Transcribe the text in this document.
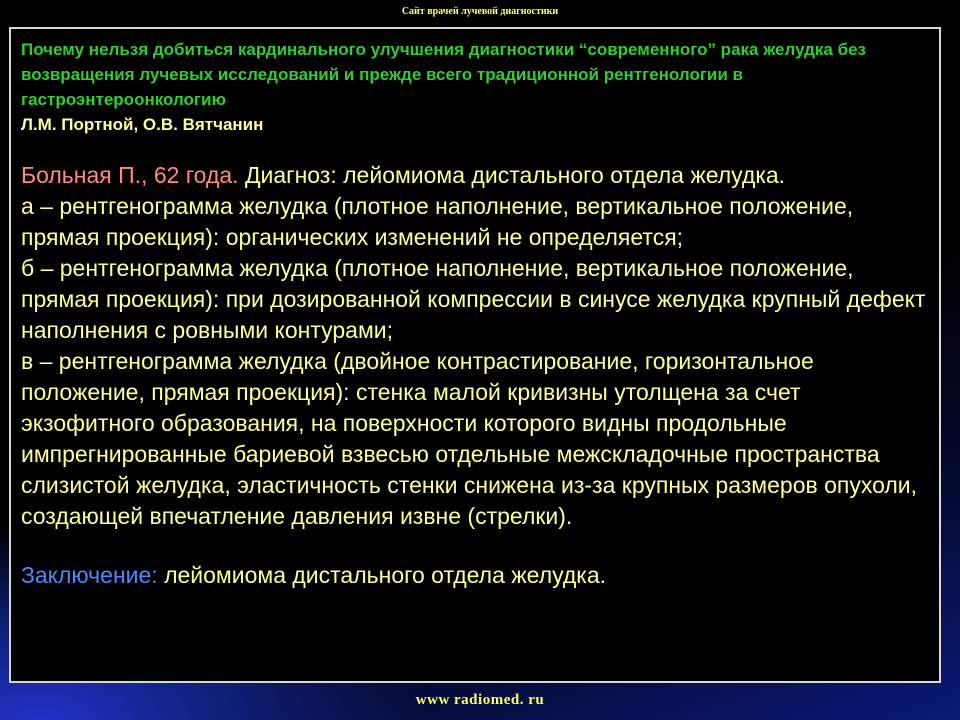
Сайт врачей лучевой диагностики

Почему нельзя добиться кардинального улучшения диагностики “современного” рака желудка без возвращения лучевых исследований и прежде всего традиционной рентгенологии в гастроэнтероонкологию

Л.М. Портной, О.В. Вятчанин

Больная П., 62 года. Диагноз: лейомиома дистального отдела желудка.
а – рентгенограмма желудка (плотное наполнение, вертикальное положение, прямая проекция): органических изменений не определяется;
б – рентгенограмма желудка (плотное наполнение, вертикальное положение, прямая проекция): при дозированной компрессии в синусе желудка крупный дефект наполнения с ровными контурами;
в – рентгенограмма желудка (двойное контрастирование, горизонтальное положение, прямая проекция): стенка малой кривизны утолщена за счет экзофитного образования, на поверхности которого видны продольные импрегнированные бариевой взвесью отдельные межскладочные пространства слизистой желудка, эластичность стенки снижена из-за крупных размеров опухоли, создающей впечатление давления извне (стрелки).

Заключение: лейомиома дистального отдела желудка.

www radiomed. ru
